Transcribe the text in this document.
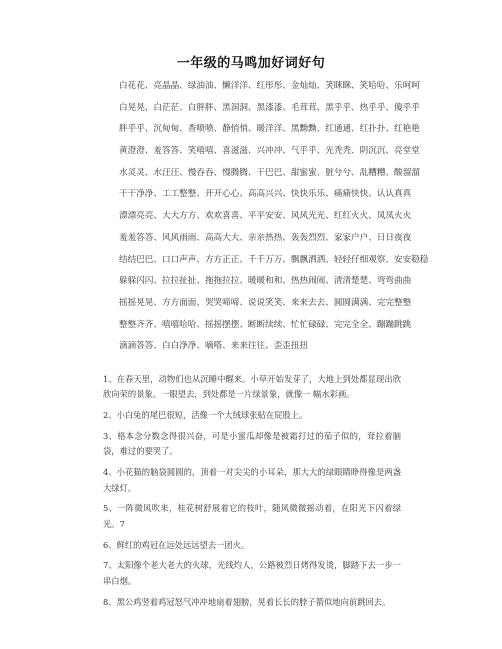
一年级的马鸣加好词好句
白花花、亮晶晶、绿油油、懒洋洋、红彤彤、金灿灿、笑眯眯、笑哈哈、乐呵呵
白晃晃、白茫茫、白胖胖、黑洞洞、黑漆漆、毛茸茸、黑乎乎、热乎乎、傻乎乎
胖乎乎、沉甸甸、香喷喷、静悄悄、暖洋洋、黑黝黝、红通通、红扑扑、红艳艳
黄澄澄、羞答答、笑嘻嘻、喜滋滋、兴冲冲、气乎乎、光秃秃、阴沉沉、亮堂堂
水灵灵、水汪汪、慢吞吞、慢腾腾、干巴巴、甜蜜蜜、脏兮兮、乱糟糟、酸溜溜
干干净净、工工整整、开开心心、高高兴兴、快快乐乐、痛痛快快、认认真真
漂漂亮亮、大大方方、欢欢喜喜、平平安安、风风光光、红红火火、凤凤火火
羞羞答答、风风雨雨、高高大大、亲亲热热、轰轰烈烈、家家户户、日日夜夜
结结巴巴、口口声声、方方正正、千千万万、飘飘洒洒、轻轻仔细观察、安安稳稳
躲躲闪闪、拉拉扯扯、拖拖拉拉、暖暖和和、热热闹闹、清清楚楚、弯弯曲曲
摇摇晃晃、方方面面、哭哭啼啼、说说笑笑、来来去去、圆圆满满、完完整整
整整齐齐、嘻嘻哈哈、摇摇摆摆、断断续续、忙忙碌碌、完完全全、蹦蹦跳跳
滴滴答答、白白净净、嘀嗒、来来往往、歪歪扭扭
1、在春天里，动物们也从沉睡中醒来。小草开始发芽了，大地上到处都显现出欣欣向荣的景象。一眼望去，到处都是一片绿景象，就像一 幅水彩画。
2、小白兔的尾巴很短，活像一个大绒球张贴在屁股上。
3、格本念分数念得很兴奋，可是小蜜瓜却像是被霜打过的茄子似的，耷拉着脑袋，难过的要哭了。
4、小花猫的脑袋圆圆的，顶着一对尖尖的小耳朵，那大大的绿眼睛睁得像是两盏大绿灯。
5、一阵微风吹来，桂花树舒展着它的枝叶，随风微微摇动着，在阳光下闪着绿光。7
6、鲜红的鸡冠在远处远远望去一团火。
7、太阳像个老大老大的火球，光线灼人，公路被烈日烤得发烫，脚踏下去一步一串白烟。
8、黑公鸡竖着鸡冠怒气冲冲地扇着翅膀，晃着长长的脖子箭似地向前跳回去。
